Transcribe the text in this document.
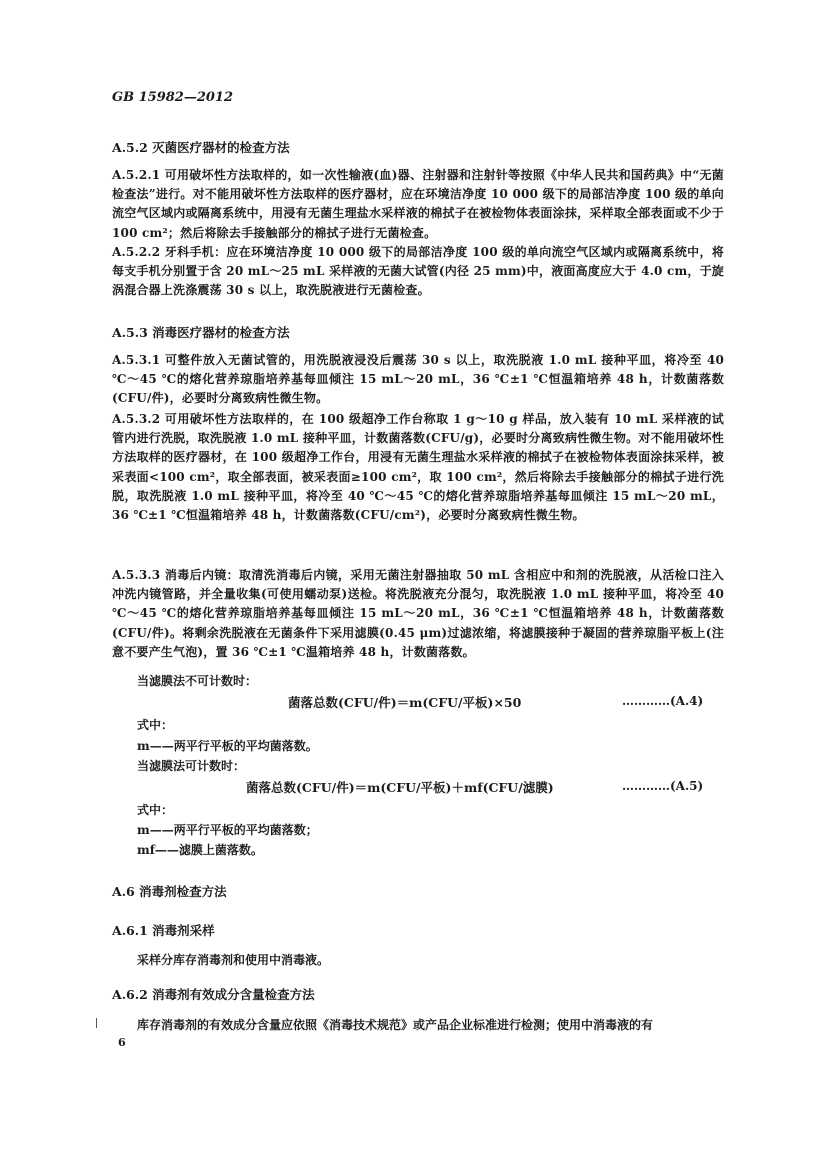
GB 15982—2012
A.5.2 灭菌医疗器材的检查方法
A.5.2.1 可用破坏性方法取样的，如一次性输液(血)器、注射器和注射针等按照《中华人民共和国药典》中“无菌检查法”进行。对不能用破坏性方法取样的医疗器材，应在环境洁净度 10 000 级下的局部洁净度 100 级的单向流空气区域内或隔离系统中，用浸有无菌生理盐水采样液的棉拭子在被检物体表面涂抹，采样取全部表面或不少于 100 cm²；然后将除去手接触部分的棉拭子进行无菌检查。
A.5.2.2 牙科手机：应在环境洁净度 10 000 级下的局部洁净度 100 级的单向流空气区域内或隔离系统中，将每支手机分别置于含 20 mL～25 mL 采样液的无菌大试管(内径 25 mm)中，液面高度应大于 4.0 cm，于旋涡混合器上洗涤震荡 30 s 以上，取洗脱液进行无菌检查。
A.5.3 消毒医疗器材的检查方法
A.5.3.1 可整件放入无菌试管的，用洗脱液浸没后震荡 30 s 以上，取洗脱液 1.0 mL 接种平皿，将冷至 40 ℃～45 ℃的熔化营养琼脂培养基每皿倾注 15 mL～20 mL，36 ℃±1 ℃恒温箱培养 48 h，计数菌落数(CFU/件)，必要时分离致病性微生物。
A.5.3.2 可用破坏性方法取样的，在 100 级超净工作台称取 1 g～10 g 样品，放入装有 10 mL 采样液的试管内进行洗脱，取洗脱液 1.0 mL 接种平皿，计数菌落数(CFU/g)，必要时分离致病性微生物。对不能用破坏性方法取样的医疗器材，在 100 级超净工作台，用浸有无菌生理盐水采样液的棉拭子在被检物体表面涂抹采样，被采表面<100 cm²，取全部表面，被采表面≥100 cm²，取 100 cm²，然后将除去手接触部分的棉拭子进行洗脱，取洗脱液 1.0 mL 接种平皿，将冷至 40 ℃～45 ℃的熔化营养琼脂培养基每皿倾注 15 mL～20 mL，36 ℃±1 ℃恒温箱培养 48 h，计数菌落数(CFU/cm²)，必要时分离致病性微生物。
A.5.3.3 消毒后内镜：取清洗消毒后内镜，采用无菌注射器抽取 50 mL 含相应中和剂的洗脱液，从活检口注入冲洗内镜管路，并全量收集(可使用蠕动泵)送检。将洗脱液充分混匀，取洗脱液 1.0 mL 接种平皿，将冷至 40 ℃～45 ℃的熔化营养琼脂培养基每皿倾注 15 mL～20 mL，36 ℃±1 ℃恒温箱培养 48 h，计数菌落数(CFU/件)。将剩余洗脱液在无菌条件下采用滤膜(0.45 μm)过滤浓缩，将滤膜接种于凝固的营养琼脂平板上(注意不要产生气泡)，置 36 ℃±1 ℃温箱培养 48 h，计数菌落数。
当滤膜法不可计数时：
菌落总数(CFU/件)＝m(CFU/平板)×50	…………(A.4)
式中：
m——两平行平板的平均菌落数。
当滤膜法可计数时：
菌落总数(CFU/件)＝m(CFU/平板)＋mf(CFU/滤膜)	…………(A.5)
式中：
m——两平行平板的平均菌落数；
mf——滤膜上菌落数。
A.6 消毒剂检查方法
A.6.1 消毒剂采样
采样分库存消毒剂和使用中消毒液。
A.6.2 消毒剂有效成分含量检查方法
库存消毒剂的有效成分含量应依照《消毒技术规范》或产品企业标准进行检测；使用中消毒液的有
6
